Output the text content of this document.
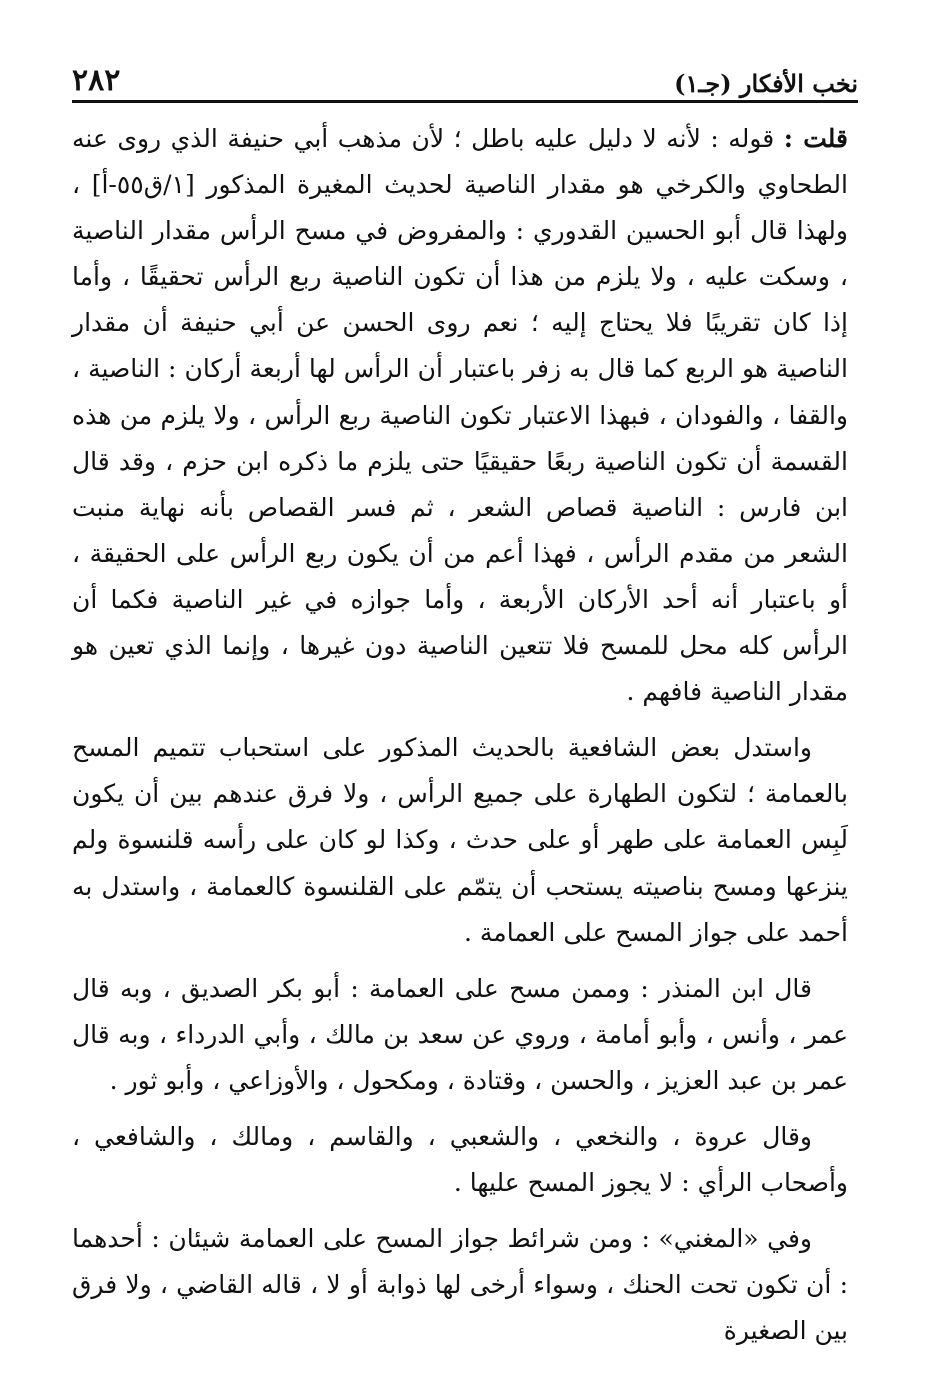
٢٨٢	نخب الأفكار (جـ١)

قلت : قوله : لأنه لا دليل عليه باطل ؛ لأن مذهب أبي حنيفة الذي روى عنه الطحاوي والكرخي هو مقدار الناصية لحديث المغيرة المذكور [١/ق٥٥-أ] ، ولهذا قال أبو الحسين القدوري : والمفروض في مسح الرأس مقدار الناصية ، وسكت عليه ، ولا يلزم من هذا أن تكون الناصية ربع الرأس تحقيقًا ، وأما إذا كان تقريبًا فلا يحتاج إليه ؛ نعم روى الحسن عن أبي حنيفة أن مقدار الناصية هو الربع كما قال به زفر باعتبار أن الرأس لها أربعة أركان : الناصية ، والقفا ، والفودان ، فبهذا الاعتبار تكون الناصية ربع الرأس ، ولا يلزم من هذه القسمة أن تكون الناصية ربعًا حقيقيًا حتى يلزم ما ذكره ابن حزم ، وقد قال ابن فارس : الناصية قصاص الشعر ، ثم فسر القصاص بأنه نهاية منبت الشعر من مقدم الرأس ، فهذا أعم من أن يكون ربع الرأس على الحقيقة ، أو باعتبار أنه أحد الأركان الأربعة ، وأما جوازه في غير الناصية فكما أن الرأس كله محل للمسح فلا تتعين الناصية دون غيرها ، وإنما الذي تعين هو مقدار الناصية فافهم .

واستدل بعض الشافعية بالحديث المذكور على استحباب تتميم المسح بالعمامة ؛ لتكون الطهارة على جميع الرأس ، ولا فرق عندهم بين أن يكون لَبِس العمامة على طهر أو على حدث ، وكذا لو كان على رأسه قلنسوة ولم ينزعها ومسح بناصيته يستحب أن يتمّم على القلنسوة كالعمامة ، واستدل به أحمد على جواز المسح على العمامة .

قال ابن المنذر : وممن مسح على العمامة : أبو بكر الصديق ، وبه قال عمر ، وأنس ، وأبو أمامة ، وروي عن سعد بن مالك ، وأبي الدرداء ، وبه قال عمر بن عبد العزيز ، والحسن ، وقتادة ، ومكحول ، والأوزاعي ، وأبو ثور .

وقال عروة ، والنخعي ، والشعبي ، والقاسم ، ومالك ، والشافعي ، وأصحاب الرأي : لا يجوز المسح عليها .

وفي «المغني» : ومن شرائط جواز المسح على العمامة شيئان : أحدهما : أن تكون تحت الحنك ، وسواء أرخى لها ذوابة أو لا ، قاله القاضي ، ولا فرق بين الصغيرة
